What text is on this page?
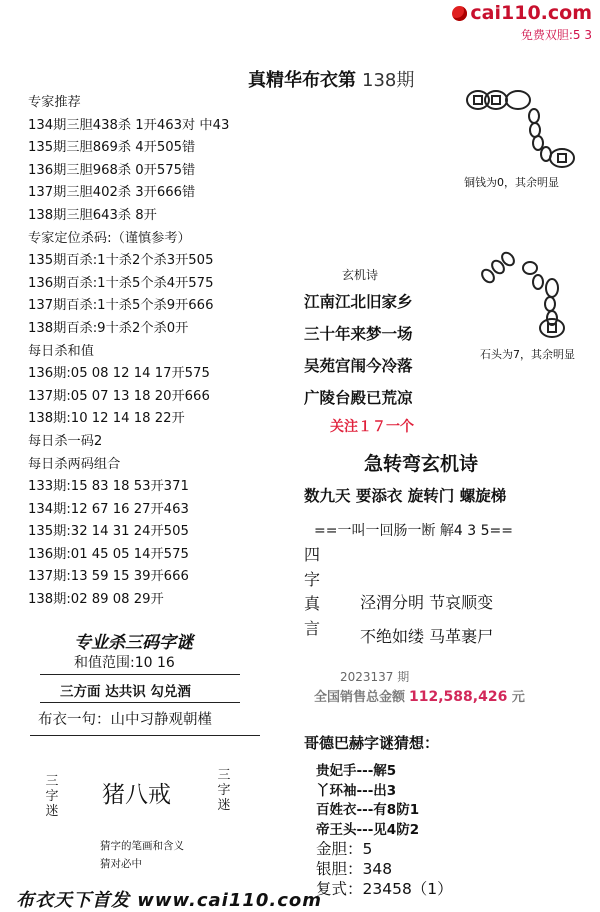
cai110.com
免费双胆:5 3
真精华布衣第 138期
专家推荐
134期三胆438杀 1开463对 中43
135期三胆869杀 4开505错
136期三胆968杀 0开575错
137期三胆402杀 3开666错
138期三胆643杀 8开
专家定位杀码:（谨慎参考）
135期百杀:1十杀2个杀3开505
136期百杀:1十杀5个杀4开575
137期百杀:1十杀5个杀9开666
138期百杀:9十杀2个杀0开
每日杀和值
136期:05 08 12 14 17开575
137期:05 07 13 18 20开666
138期:10 12 14 18 22开
每日杀一码2
每日杀两码组合
133期:15 83 18 53开371
134期:12 67 16 27开463
135期:32 14 31 24开505
136期:01 45 05 14开575
137期:13 59 15 39开666
138期:02 89 08 29开
专业杀三码字谜
和值范围:10 16
三方面 达共识 勾兑酒
布衣一句：山中习静观朝槿
三字迷
猪八戒
三字迷
猜字的笔画和含义
猜对必中
布衣天下首发 www.cai110.com
铜钱为0，其余明显
石头为7，其余明显
玄机诗
江南江北旧家乡
三十年来梦一场
吴苑宫闱今冷落
广陵台殿已荒凉
关注１７一个
急转弯玄机诗
数九天 要添衣 旋转门 螺旋梯
==一叫一回肠一断 解4 3 5==
四字真言
泾渭分明 节哀顺变
不绝如缕 马革裹尸
2023137 期
全国销售总金额 112,588,426 元
哥德巴赫字谜猜想：
贵妃手---解5
丫环袖---出3
百姓衣---有8防1
帝王头---见4防2
金胆：5
银胆：348
复式：23458（1）
